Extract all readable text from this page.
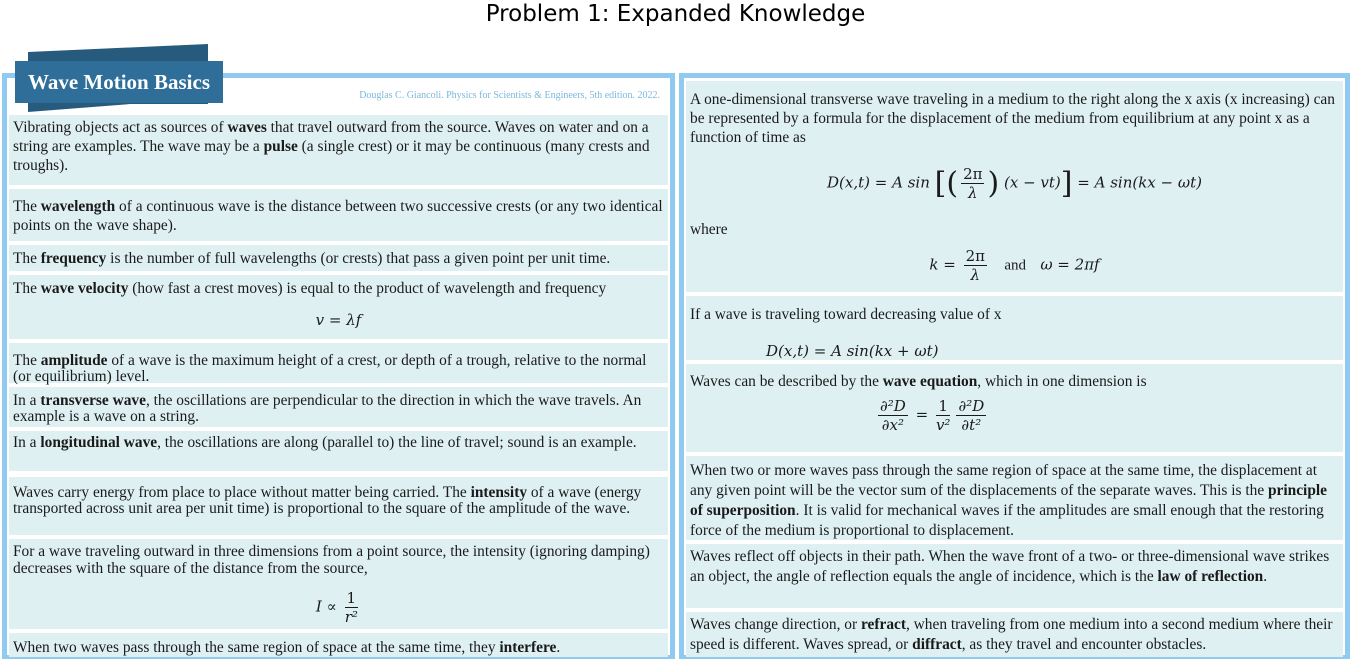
Problem 1: Expanded Knowledge
Douglas C. Giancoli. Physics for Scientists & Engineers, 5th edition. 2022.
Vibrating objects act as sources of waves that travel outward from the source. Waves on water and on a string are examples. The wave may be a pulse (a single crest) or it may be continuous (many crests and troughs).
The wavelength of a continuous wave is the distance between two successive crests (or any two identical points on the wave shape).
The frequency is the number of full wavelengths (or crests) that pass a given point per unit time.
The wave velocity (how fast a crest moves) is equal to the product of wavelength and frequency
v = λf
The amplitude of a wave is the maximum height of a crest, or depth of a trough, relative to the normal (or equilibrium) level.
In a transverse wave, the oscillations are perpendicular to the direction in which the wave travels. An example is a wave on a string.
In a longitudinal wave, the oscillations are along (parallel to) the line of travel; sound is an example.
Waves carry energy from place to place without matter being carried. The intensity of a wave (energy transported across unit area per unit time) is proportional to the square of the amplitude of the wave.
For a wave traveling outward in three dimensions from a point source, the intensity (ignoring damping) decreases with the square of the distance from the source,
$I \propto \frac{1}{\text{r²}}$
When two waves pass through the same region of space at the same time, they interfere.
Wave Motion Basics
A one-dimensional transverse wave traveling in a medium to the right along the x axis (x increasing) can be represented by a formula for the displacement of the medium from equilibrium at any point x as a function of time as
D(x,t) = A sin [( $\frac{2\pi}{\lambda}$ ) (x − vt)] = A sin(kx − ωt)
where
$k = \frac{2\pi}{\lambda}$ and ω = 2πf
If a wave is traveling toward decreasing value of x
D(x,t) = A sin(kx + ωt)
Waves can be described by the wave equation, which in one dimension is
$\frac{\text{∂²D}}{\text{∂x²}} = \frac{1}{\text{v²}} \frac{\text{∂²D}}{\text{∂t²}}$
When two or more waves pass through the same region of space at the same time, the displacement at any given point will be the vector sum of the displacements of the separate waves. This is the principle of superposition. It is valid for mechanical waves if the amplitudes are small enough that the restoring force of the medium is proportional to displacement.
Waves reflect off objects in their path. When the wave front of a two- or three-dimensional wave strikes an object, the angle of reflection equals the angle of incidence, which is the law of reflection.
Waves change direction, or refract, when traveling from one medium into a second medium where their speed is different. Waves spread, or diffract, as they travel and encounter obstacles.
